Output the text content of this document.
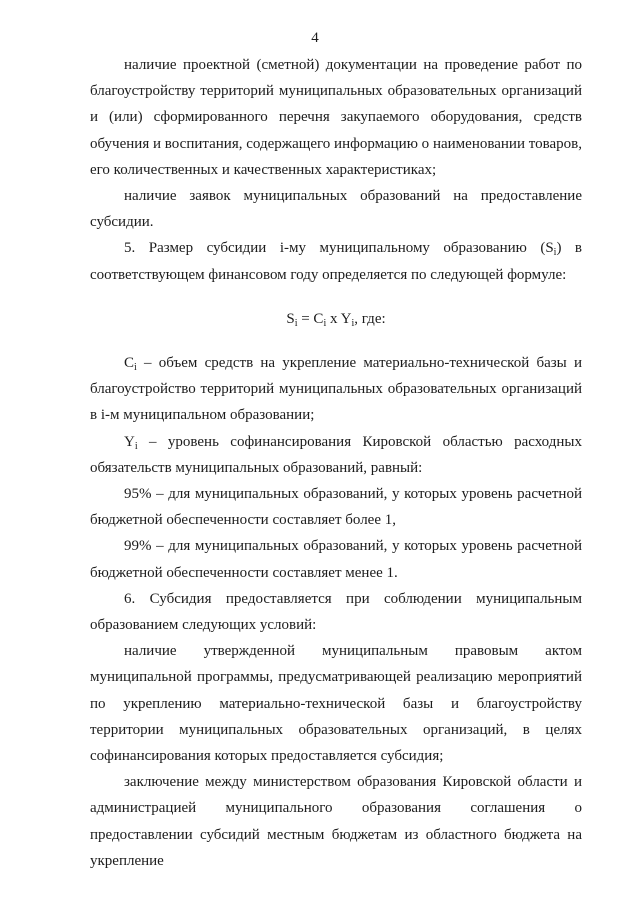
4

наличие проектной (сметной) документации на проведение работ по благоустройству территорий муниципальных образовательных организаций и (или) сформированного перечня закупаемого оборудования, средств обучения и воспитания, содержащего информацию о наименовании товаров, его количественных и качественных характеристиках;

наличие заявок муниципальных образований на предоставление субсидии.

5. Размер субсидии i-му муниципальному образованию $(S_i)$ в соответствующем финансовом году определяется по следующей формуле:

$S_i = C_i$ x $Y_i$, где:

$C_i$ – объем средств на укрепление материально-технической базы и благоустройство территорий муниципальных образовательных организаций в i-м муниципальном образовании;

$Y_i$ – уровень софинансирования Кировской областью расходных обязательств муниципальных образований, равный:

95% – для муниципальных образований, у которых уровень расчетной бюджетной обеспеченности составляет более 1,

99% – для муниципальных образований, у которых уровень расчетной бюджетной обеспеченности составляет менее 1.

6. Субсидия предоставляется при соблюдении муниципальным образованием следующих условий:

наличие утвержденной муниципальным правовым актом муниципальной программы, предусматривающей реализацию мероприятий по укреплению материально-технической базы и благоустройству территории муниципальных образовательных организаций, в целях софинансирования которых предоставляется субсидия;

заключение между министерством образования Кировской области и администрацией муниципального образования соглашения о предоставлении субсидий местным бюджетам из областного бюджета на укрепление
